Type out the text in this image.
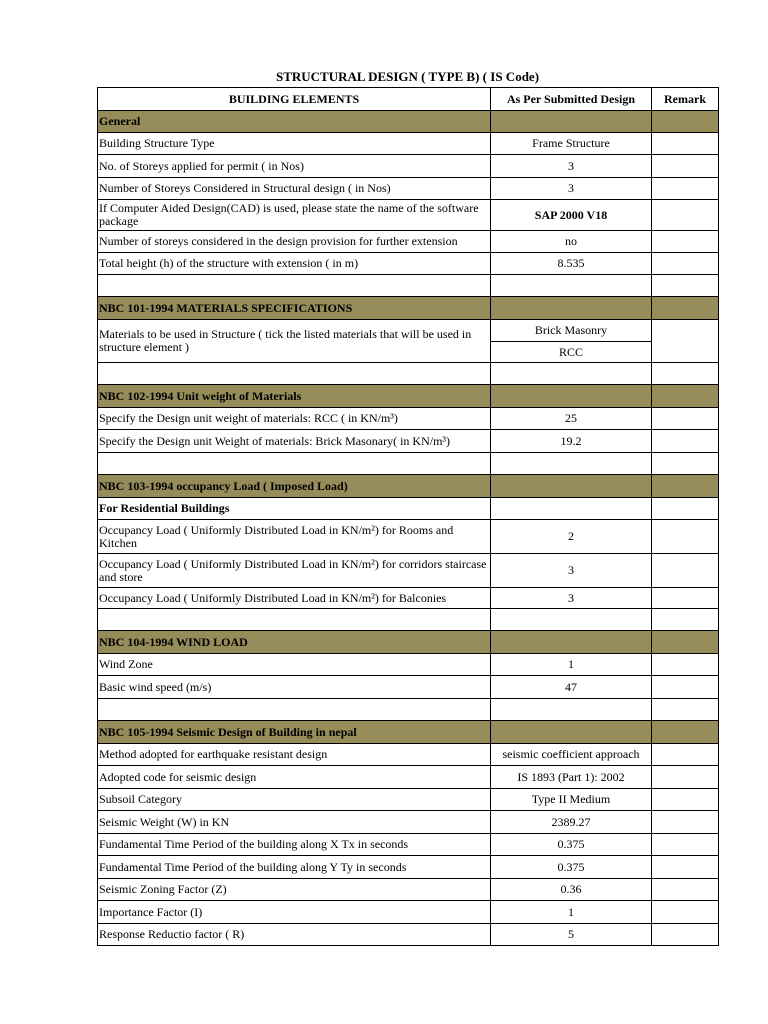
STRUCTURAL DESIGN ( TYPE B) ( IS Code)
BUILDING ELEMENTS	As Per Submitted Design	Remark
General		
Building Structure Type	Frame Structure	
No. of Storeys applied for permit ( in Nos)	3	
Number of Storeys Considered in Structural design ( in Nos)	3	
If Computer Aided Design(CAD) is used, please state the name of the software package	SAP 2000 V18	
Number of storeys considered in the design provision for further extension	no	
Total height (h) of the structure with extension ( in m)	8.535	

NBC 101-1994 MATERIALS SPECIFICATIONS		
Materials to be used in Structure ( tick the listed materials that will be used in structure element )	Brick Masonry	
	RCC	

NBC 102-1994 Unit weight of Materials		
Specify the Design unit weight of materials: RCC ( in KN/m³)	25	
Specify the Design unit Weight of materials: Brick Masonary( in KN/m³)	19.2	

NBC 103-1994 occupancy Load ( Imposed Load)		
For Residential Buildings		
Occupancy Load ( Uniformly Distributed Load in KN/m²) for Rooms and Kitchen	2	
Occupancy Load ( Uniformly Distributed Load in KN/m²) for corridors staircase and store	3	
Occupancy Load ( Uniformly Distributed Load in KN/m²) for Balconies	3	

NBC 104-1994 WIND LOAD		
Wind Zone	1	
Basic wind speed (m/s)	47	

NBC 105-1994 Seismic Design of Building in nepal		
Method adopted for earthquake resistant design	seismic coefficient approach	
Adopted code for seismic design	IS 1893 (Part 1): 2002	
Subsoil Category	Type II Medium	
Seismic Weight (W) in KN	2389.27	
Fundamental Time Period of the building along X Tx in seconds	0.375	
Fundamental Time Period of the building along Y Ty in seconds	0.375	
Seismic Zoning Factor (Z)	0.36	
Importance Factor (I)	1	
Response Reductio factor ( R)	5	
